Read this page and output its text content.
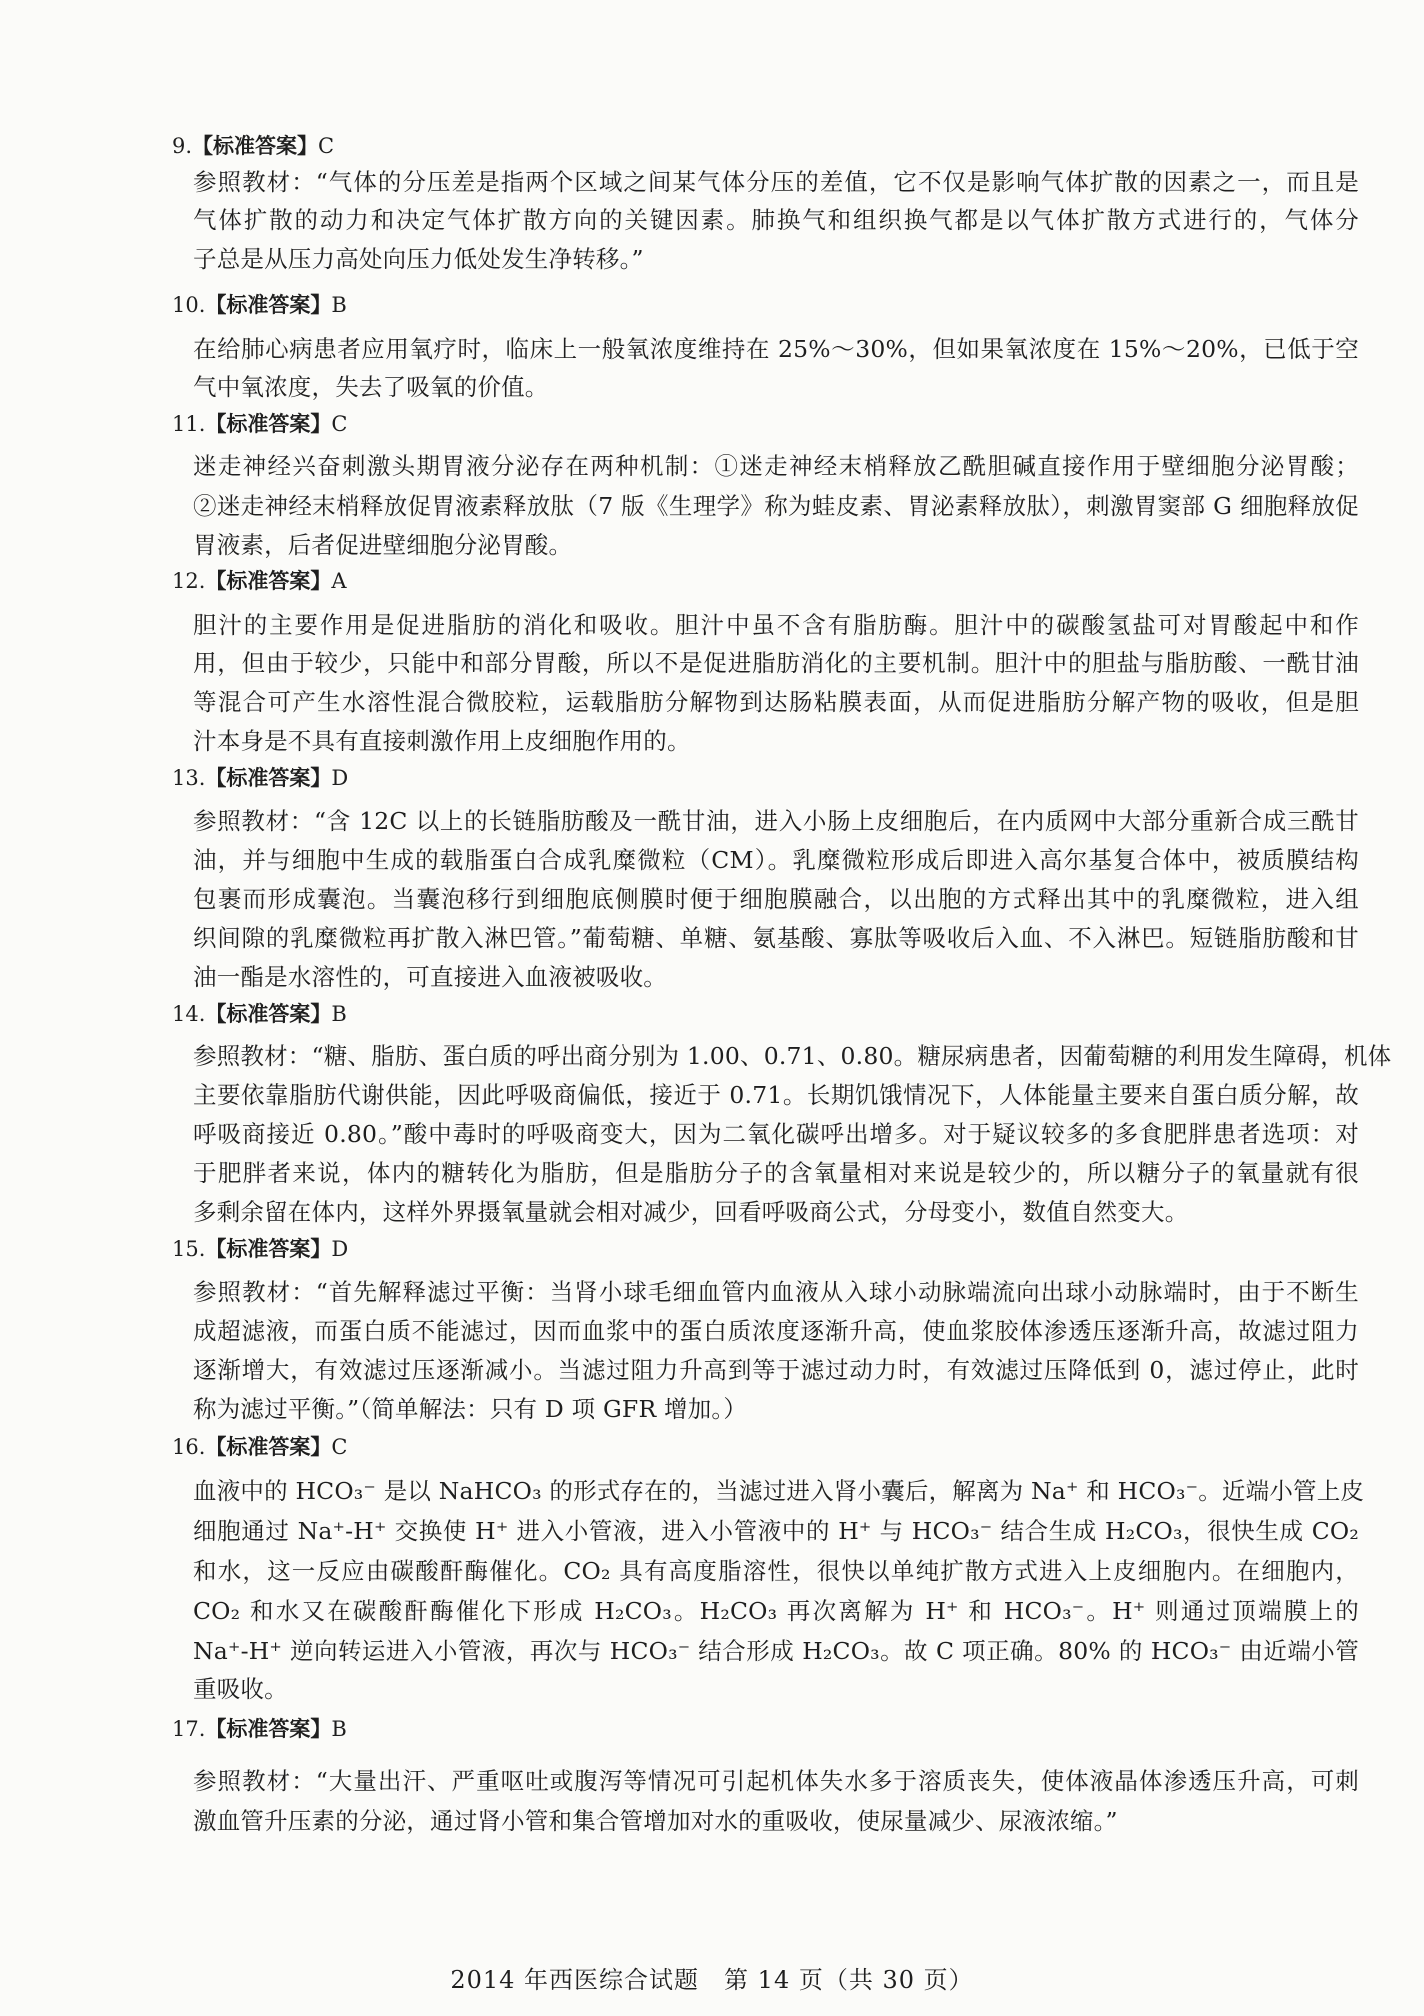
9.【标准答案】C
参照教材：“气体的分压差是指两个区域之间某气体分压的差值，它不仅是影响气体扩散的因素之一，而且是
气体扩散的动力和决定气体扩散方向的关键因素。肺换气和组织换气都是以气体扩散方式进行的，气体分
子总是从压力高处向压力低处发生净转移。”
10.【标准答案】B
在给肺心病患者应用氧疗时，临床上一般氧浓度维持在 25%～30%，但如果氧浓度在 15%～20%，已低于空
气中氧浓度，失去了吸氧的价值。
11.【标准答案】C
迷走神经兴奋刺激头期胃液分泌存在两种机制：①迷走神经末梢释放乙酰胆碱直接作用于壁细胞分泌胃酸；
②迷走神经末梢释放促胃液素释放肽（7 版《生理学》称为蛙皮素、胃泌素释放肽），刺激胃窦部 G 细胞释放促
胃液素，后者促进壁细胞分泌胃酸。
12.【标准答案】A
胆汁的主要作用是促进脂肪的消化和吸收。胆汁中虽不含有脂肪酶。胆汁中的碳酸氢盐可对胃酸起中和作
用，但由于较少，只能中和部分胃酸，所以不是促进脂肪消化的主要机制。胆汁中的胆盐与脂肪酸、一酰甘油
等混合可产生水溶性混合微胶粒，运载脂肪分解物到达肠粘膜表面，从而促进脂肪分解产物的吸收，但是胆
汁本身是不具有直接刺激作用上皮细胞作用的。
13.【标准答案】D
参照教材：“含 12C 以上的长链脂肪酸及一酰甘油，进入小肠上皮细胞后，在内质网中大部分重新合成三酰甘
油，并与细胞中生成的载脂蛋白合成乳糜微粒（CM）。乳糜微粒形成后即进入高尔基复合体中，被质膜结构
包裹而形成囊泡。当囊泡移行到细胞底侧膜时便于细胞膜融合，以出胞的方式释出其中的乳糜微粒，进入组
织间隙的乳糜微粒再扩散入淋巴管。”葡萄糖、单糖、氨基酸、寡肽等吸收后入血、不入淋巴。短链脂肪酸和甘
油一酯是水溶性的，可直接进入血液被吸收。
14.【标准答案】B
参照教材：“糖、脂肪、蛋白质的呼出商分别为 1.00、0.71、0.80。糖尿病患者，因葡萄糖的利用发生障碍，机体
主要依靠脂肪代谢供能，因此呼吸商偏低，接近于 0.71。长期饥饿情况下，人体能量主要来自蛋白质分解，故
呼吸商接近 0.80。”酸中毒时的呼吸商变大，因为二氧化碳呼出增多。对于疑议较多的多食肥胖患者选项：对
于肥胖者来说，体内的糖转化为脂肪，但是脂肪分子的含氧量相对来说是较少的，所以糖分子的氧量就有很
多剩余留在体内，这样外界摄氧量就会相对减少，回看呼吸商公式，分母变小，数值自然变大。
15.【标准答案】D
参照教材：“首先解释滤过平衡：当肾小球毛细血管内血液从入球小动脉端流向出球小动脉端时，由于不断生
成超滤液，而蛋白质不能滤过，因而血浆中的蛋白质浓度逐渐升高，使血浆胶体渗透压逐渐升高，故滤过阻力
逐渐增大，有效滤过压逐渐减小。当滤过阻力升高到等于滤过动力时，有效滤过压降低到 0，滤过停止，此时
称为滤过平衡。”（简单解法：只有 D 项 GFR 增加。）
16.【标准答案】C
血液中的 HCO₃⁻ 是以 NaHCO₃ 的形式存在的，当滤过进入肾小囊后，解离为 Na⁺ 和 HCO₃⁻。近端小管上皮
细胞通过 Na⁺-H⁺ 交换使 H⁺ 进入小管液，进入小管液中的 H⁺ 与 HCO₃⁻ 结合生成 H₂CO₃，很快生成 CO₂
和水，这一反应由碳酸酐酶催化。CO₂ 具有高度脂溶性，很快以单纯扩散方式进入上皮细胞内。在细胞内，
CO₂ 和水又在碳酸酐酶催化下形成 H₂CO₃。H₂CO₃ 再次离解为 H⁺ 和 HCO₃⁻。H⁺ 则通过顶端膜上的
Na⁺-H⁺ 逆向转运进入小管液，再次与 HCO₃⁻ 结合形成 H₂CO₃。故 C 项正确。80% 的 HCO₃⁻ 由近端小管
重吸收。
17.【标准答案】B
参照教材：“大量出汗、严重呕吐或腹泻等情况可引起机体失水多于溶质丧失，使体液晶体渗透压升高，可刺
激血管升压素的分泌，通过肾小管和集合管增加对水的重吸收，使尿量减少、尿液浓缩。”
2014 年西医综合试题　第 14 页（共 30 页）
